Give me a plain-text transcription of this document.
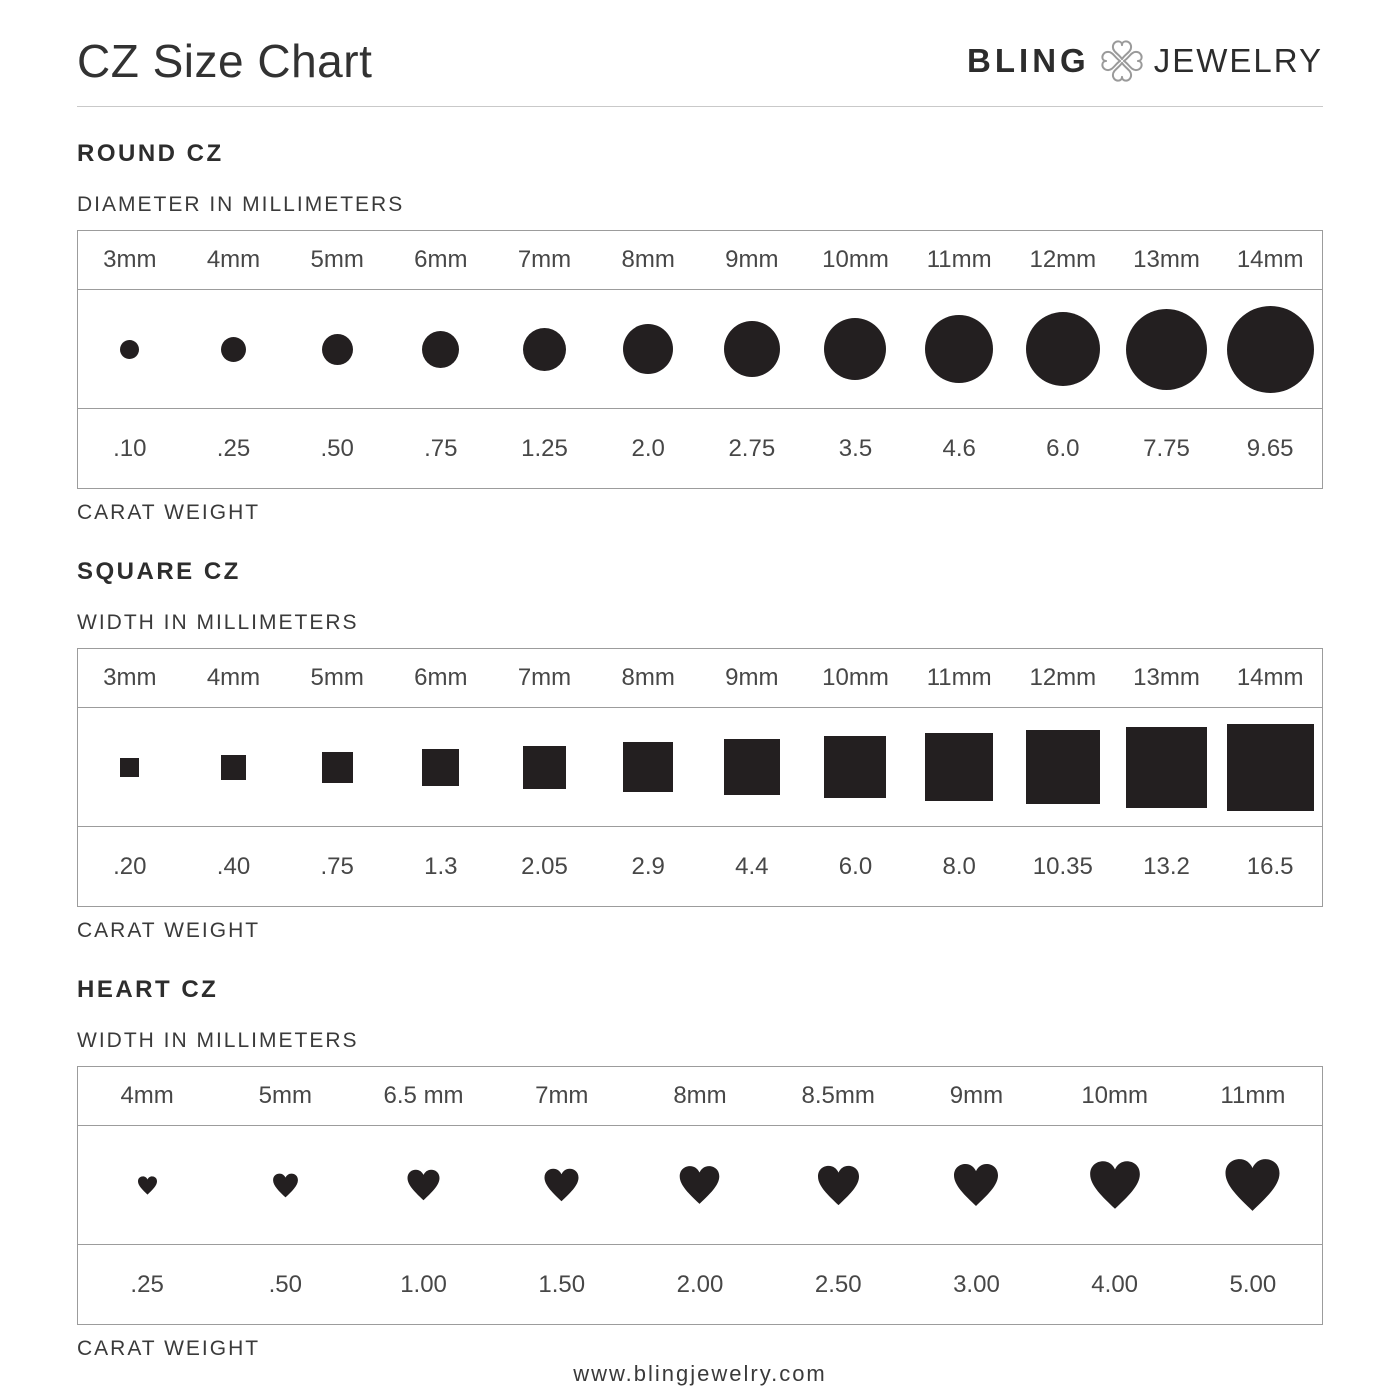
CZ Size Chart	BLING JEWELRY
ROUND CZ
DIAMETER IN MILLIMETERS
3mm	4mm	5mm	6mm	7mm	8mm	9mm	10mm	11mm	12mm	13mm	14mm
.10	.25	.50	.75	1.25	2.0	2.75	3.5	4.6	6.0	7.75	9.65
CARAT WEIGHT
SQUARE CZ
WIDTH IN MILLIMETERS
3mm	4mm	5mm	6mm	7mm	8mm	9mm	10mm	11mm	12mm	13mm	14mm
.20	.40	.75	1.3	2.05	2.9	4.4	6.0	8.0	10.35	13.2	16.5
CARAT WEIGHT
HEART CZ
WIDTH IN MILLIMETERS
4mm	5mm	6.5 mm	7mm	8mm	8.5mm	9mm	10mm	11mm
.25	.50	1.00	1.50	2.00	2.50	3.00	4.00	5.00
CARAT WEIGHT
www.blingjewelry.com
